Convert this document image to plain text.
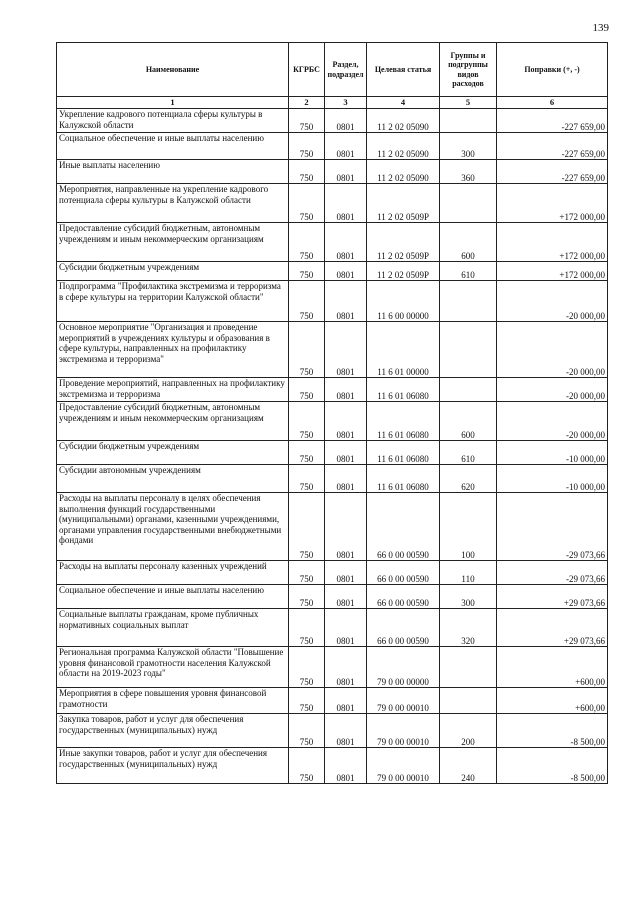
139
Наименование	КГРБС	Раздел, подраздел	Целевая статья	Группы и подгруппы видов расходов	Поправки (+, -)
1	2	3	4	5	6
Укрепление кадрового потенциала сферы культуры в Калужской области	750	0801	11 2 02 05090		-227 659,00
Социальное обеспечение и иные выплаты населению	750	0801	11 2 02 05090	300	-227 659,00
Иные выплаты населению	750	0801	11 2 02 05090	360	-227 659,00
Мероприятия, направленные на укрепление кадрового потенциала сферы культуры в Калужской области	750	0801	11 2 02 0509Р		+172 000,00
Предоставление субсидий бюджетным, автономным учреждениям и иным некоммерческим организациям	750	0801	11 2 02 0509Р	600	+172 000,00
Субсидии бюджетным учреждениям	750	0801	11 2 02 0509Р	610	+172 000,00
Подпрограмма "Профилактика экстремизма и терроризма в сфере культуры на территории Калужской области"	750	0801	11 6 00 00000		-20 000,00
Основное мероприятие "Организация и проведение мероприятий в учреждениях культуры и образования в сфере культуры, направленных на профилактику экстремизма и терроризма"	750	0801	11 6 01 00000		-20 000,00
Проведение мероприятий, направленных на профилактику экстремизма и терроризма	750	0801	11 6 01 06080		-20 000,00
Предоставление субсидий бюджетным, автономным учреждениям и иным некоммерческим организациям	750	0801	11 6 01 06080	600	-20 000,00
Субсидии бюджетным учреждениям	750	0801	11 6 01 06080	610	-10 000,00
Субсидии автономным учреждениям	750	0801	11 6 01 06080	620	-10 000,00
Расходы на выплаты персоналу в целях обеспечения выполнения функций государственными (муниципальными) органами, казенными учреждениями, органами управления государственными внебюджетными фондами	750	0801	66 0 00 00590	100	-29 073,66
Расходы на выплаты персоналу казенных учреждений	750	0801	66 0 00 00590	110	-29 073,66
Социальное обеспечение и иные выплаты населению	750	0801	66 0 00 00590	300	+29 073,66
Социальные выплаты гражданам, кроме публичных нормативных социальных выплат	750	0801	66 0 00 00590	320	+29 073,66
Региональная программа Калужской области "Повышение уровня финансовой грамотности населения Калужской области на 2019-2023 годы"	750	0801	79 0 00 00000		+600,00
Мероприятия в сфере повышения уровня финансовой грамотности	750	0801	79 0 00 00010		+600,00
Закупка товаров, работ и услуг для обеспечения государственных (муниципальных) нужд	750	0801	79 0 00 00010	200	-8 500,00
Иные закупки товаров, работ и услуг для обеспечения государственных (муниципальных) нужд	750	0801	79 0 00 00010	240	-8 500,00
